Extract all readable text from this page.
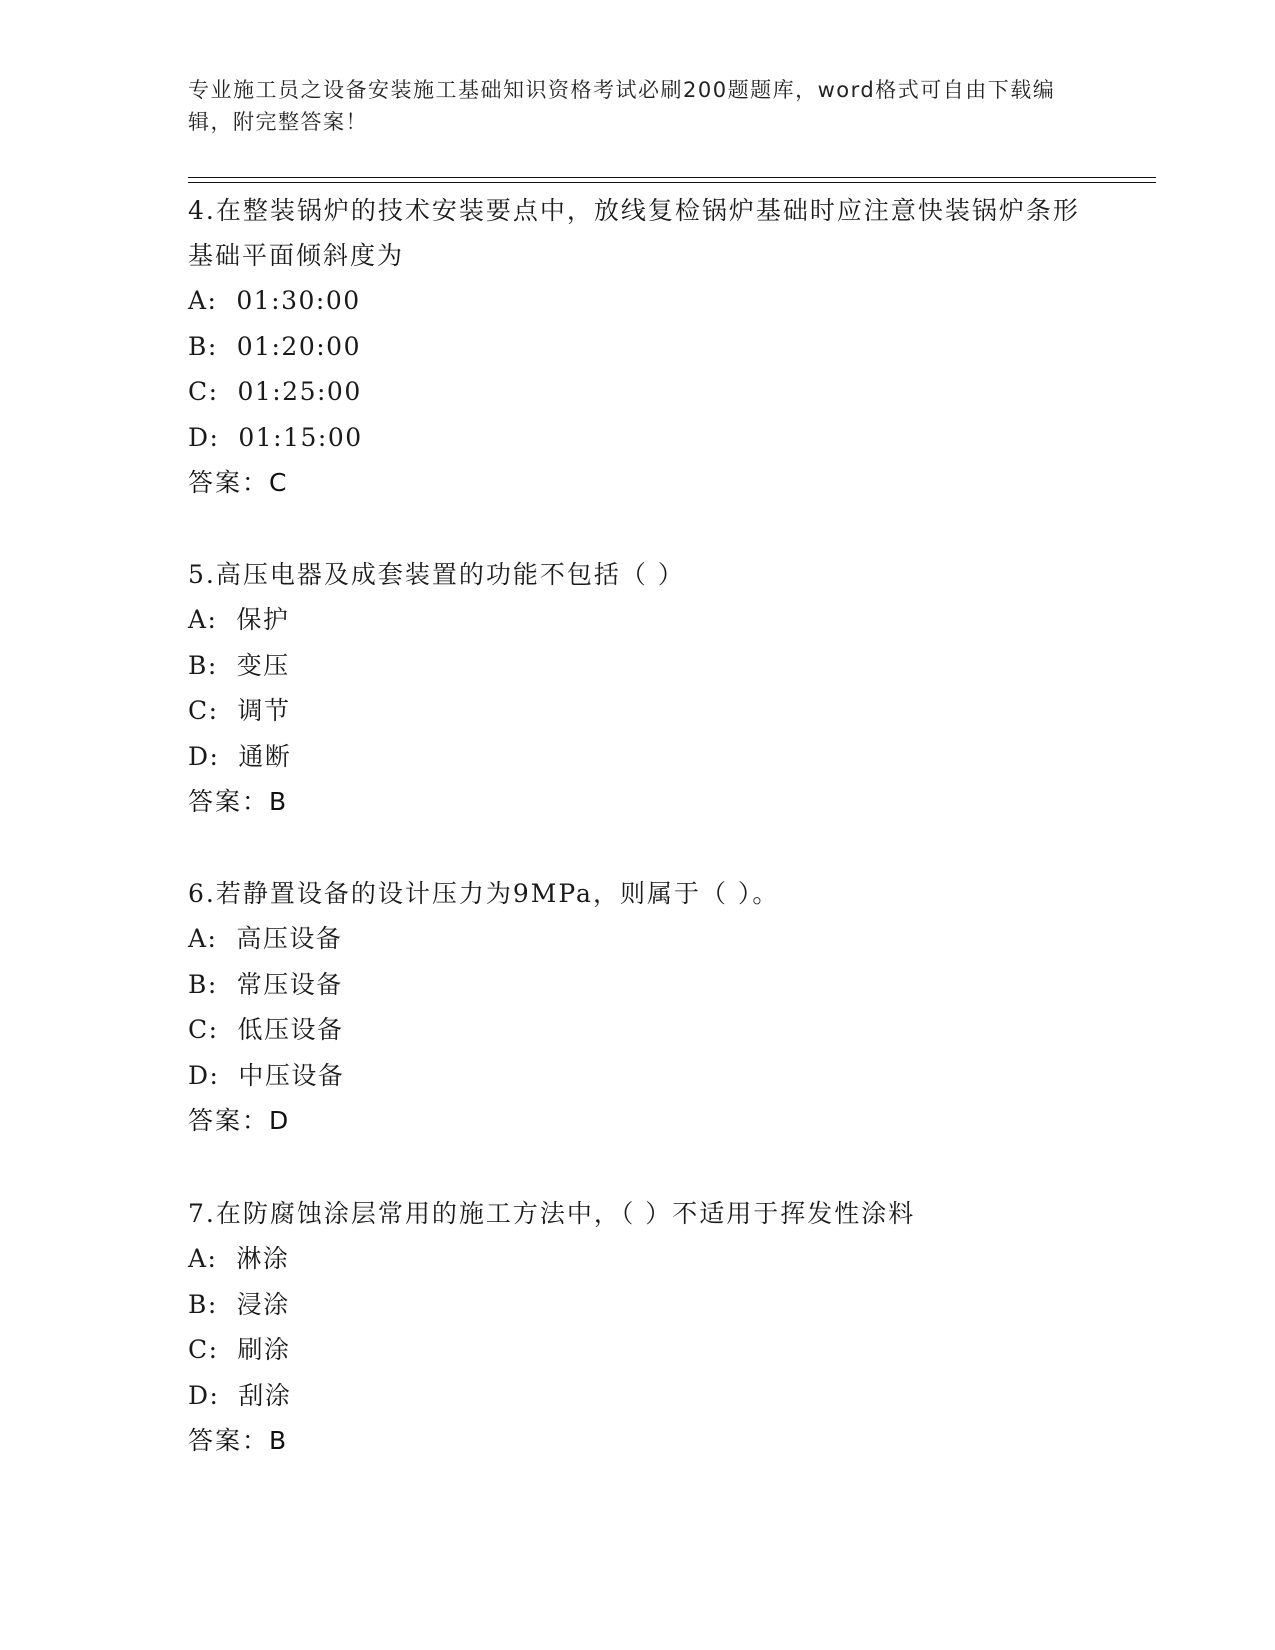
专业施工员之设备安装施工基础知识资格考试必刷200题题库，word格式可自由下载编辑，附完整答案！
4.在整装锅炉的技术安装要点中，放线复检锅炉基础时应注意快装锅炉条形基础平面倾斜度为
A:  01:30:00
B:  01:20:00
C:  01:25:00
D:  01:15:00
答案：C
5.高压电器及成套装置的功能不包括（ ）
A:  保护
B:  变压
C:  调节
D:  通断
答案：B
6.若静置设备的设计压力为9MPa，则属于（ ）。
A:  高压设备
B:  常压设备
C:  低压设备
D:  中压设备
答案：D
7.在防腐蚀涂层常用的施工方法中，（ ）不适用于挥发性涂料
A:  淋涂
B:  浸涂
C:  刷涂
D:  刮涂
答案：B
